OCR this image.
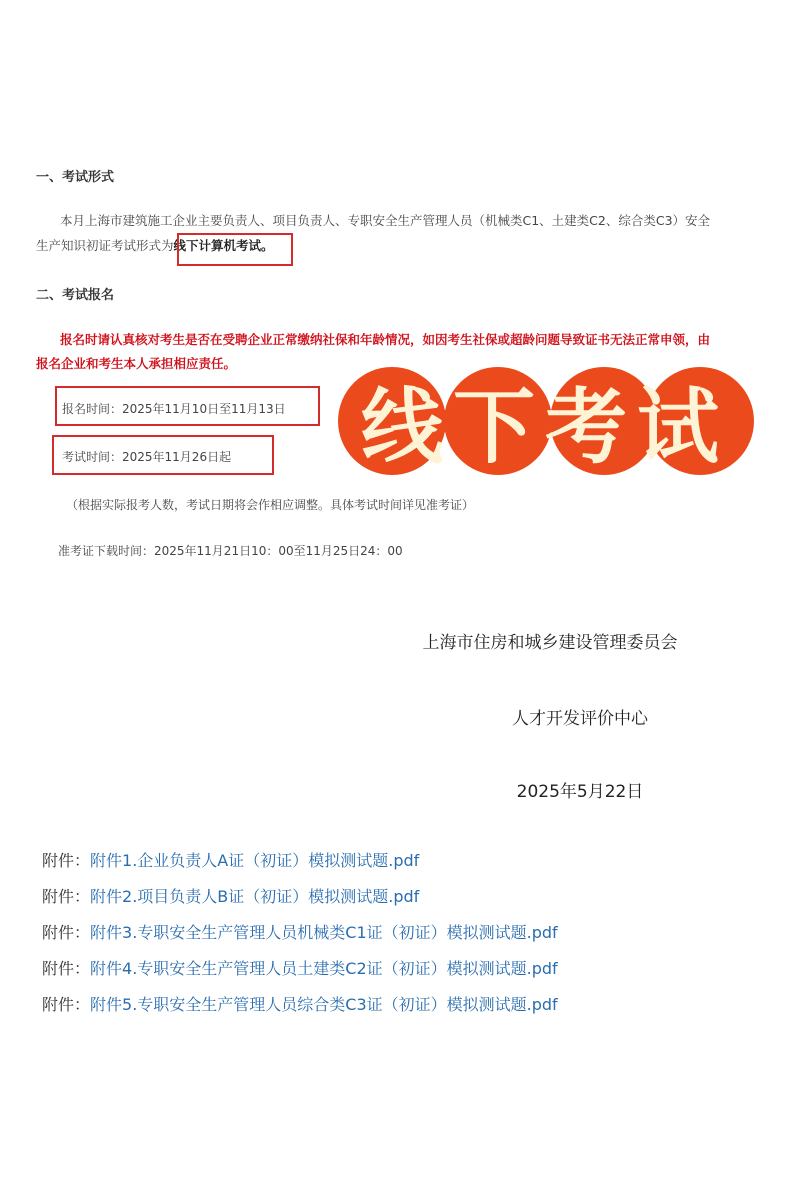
一、考试形式
本月上海市建筑施工企业主要负责人、项目负责人、专职安全生产管理人员（机械类C1、土建类C2、综合类C3）安全
生产知识初证考试形式为线下计算机考试。
二、考试报名
报名时请认真核对考生是否在受聘企业正常缴纳社保和年龄情况，如因考生社保或超龄问题导致证书无法正常申领，由
报名企业和考生本人承担相应责任。
报名时间：2025年11月10日至11月13日
考试时间：2025年11月26日起
（根据实际报考人数，考试日期将会作相应调整。具体考试时间详见准考证）
准考证下载时间：2025年11月21日10：00至11月25日24：00
线下考试
上海市住房和城乡建设管理委员会
人才开发评价中心
2025年5月22日
附件：附件1.企业负责人A证（初证）模拟测试题.pdf
附件：附件2.项目负责人B证（初证）模拟测试题.pdf
附件：附件3.专职安全生产管理人员机械类C1证（初证）模拟测试题.pdf
附件：附件4.专职安全生产管理人员土建类C2证（初证）模拟测试题.pdf
附件：附件5.专职安全生产管理人员综合类C3证（初证）模拟测试题.pdf
